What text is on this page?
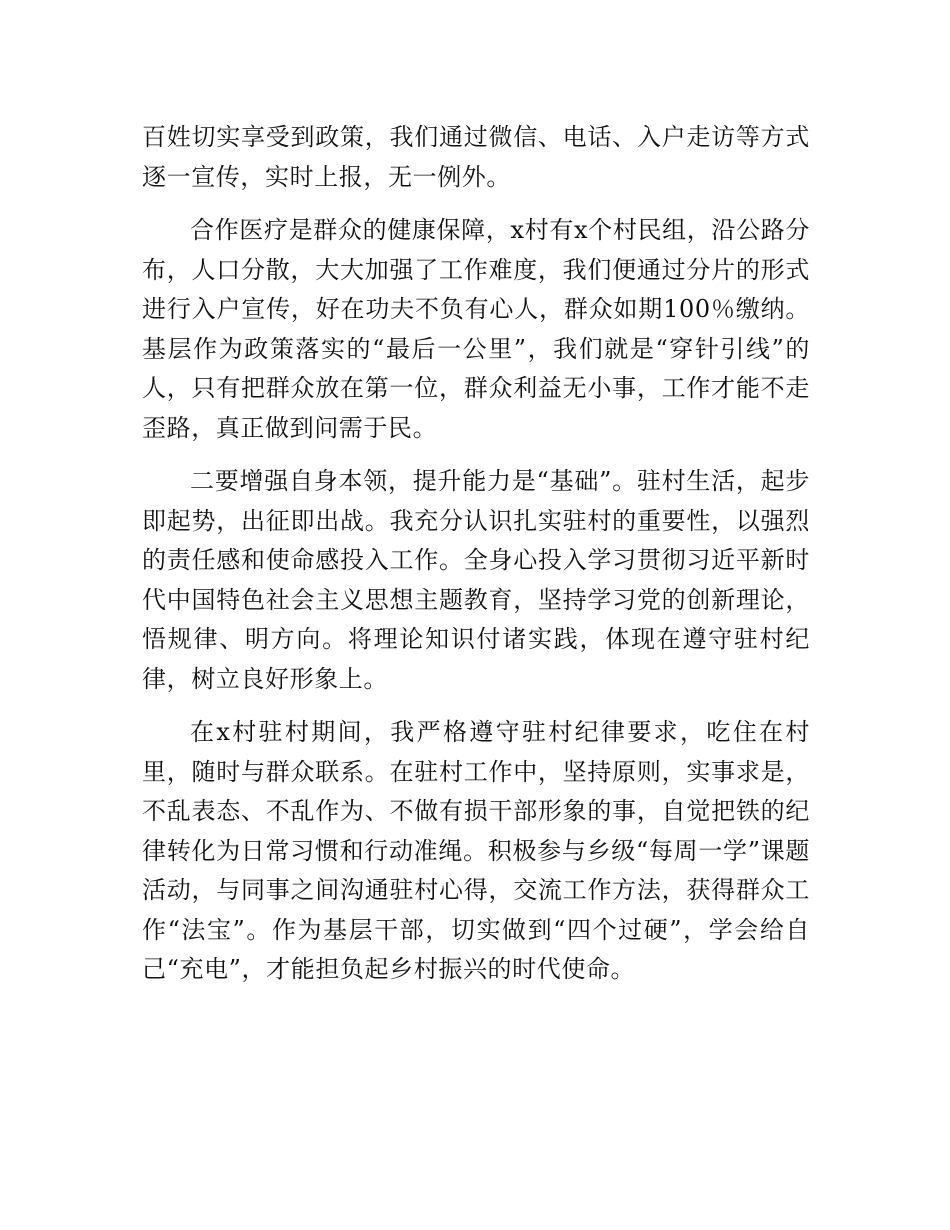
百姓切实享受到政策，我们通过微信、电话、入户走访等方式逐一宣传，实时上报，无一例外。

合作医疗是群众的健康保障，x村有x个村民组，沿公路分布，人口分散，大大加强了工作难度，我们便通过分片的形式进行入户宣传，好在功夫不负有心人，群众如期100％缴纳。基层作为政策落实的“最后一公里”，我们就是“穿针引线”的人，只有把群众放在第一位，群众利益无小事，工作才能不走歪路，真正做到问需于民。

二要增强自身本领，提升能力是“基础”。驻村生活，起步即起势，出征即出战。我充分认识扎实驻村的重要性，以强烈的责任感和使命感投入工作。全身心投入学习贯彻习近平新时代中国特色社会主义思想主题教育，坚持学习党的创新理论，悟规律、明方向。将理论知识付诸实践，体现在遵守驻村纪律，树立良好形象上。

在x村驻村期间，我严格遵守驻村纪律要求，吃住在村里，随时与群众联系。在驻村工作中，坚持原则，实事求是，不乱表态、不乱作为、不做有损干部形象的事，自觉把铁的纪律转化为日常习惯和行动准绳。积极参与乡级“每周一学”课题活动，与同事之间沟通驻村心得，交流工作方法，获得群众工作“法宝”。作为基层干部，切实做到“四个过硬”，学会给自己“充电”，才能担负起乡村振兴的时代使命。
